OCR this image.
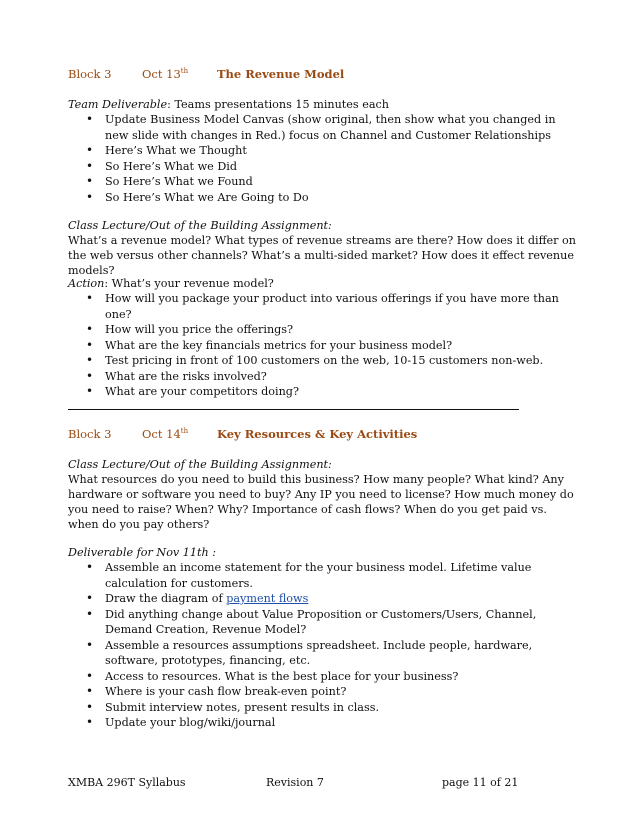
Block 3	Oct 13th	The Revenue Model
Team Deliverable: Teams presentations 15 minutes each
• Update Business Model Canvas (show original, then show what you changed in new slide with changes in Red.) focus on Channel and Customer Relationships
• Here’s What we Thought
• So Here’s What we Did
• So Here’s What we Found
• So Here’s What we Are Going to Do
Class Lecture/Out of the Building Assignment:
What’s a revenue model? What types of revenue streams are there? How does it differ on the web versus other channels? What’s a multi-sided market? How does it effect revenue models?
Action: What’s your revenue model?
• How will you package your product into various offerings if you have more than one?
• How will you price the offerings?
• What are the key financials metrics for your business model?
• Test pricing in front of 100 customers on the web, 10-15 customers non-web.
• What are the risks involved?
• What are your competitors doing?
Block 3	Oct 14th	Key Resources & Key Activities
Class Lecture/Out of the Building Assignment:
What resources do you need to build this business? How many people? What kind? Any hardware or software you need to buy? Any IP you need to license? How much money do you need to raise? When? Why? Importance of cash flows? When do you get paid vs. when do you pay others?
Deliverable for Nov 11th :
• Assemble an income statement for the your business model. Lifetime value calculation for customers.
• Draw the diagram of payment flows
• Did anything change about Value Proposition or Customers/Users, Channel, Demand Creation, Revenue Model?
• Assemble a resources assumptions spreadsheet. Include people, hardware, software, prototypes, financing, etc.
• Access to resources. What is the best place for your business?
• Where is your cash flow break-even point?
• Submit interview notes, present results in class.
• Update your blog/wiki/journal
XMBA 296T Syllabus	Revision 7	page 11 of 21
